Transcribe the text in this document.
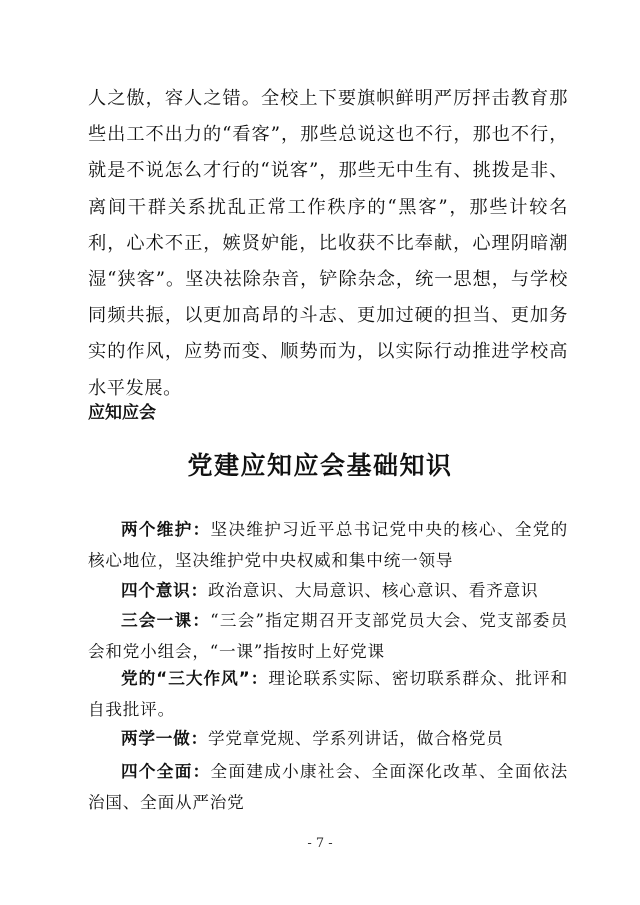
人之傲，容人之错。全校上下要旗帜鲜明严厉抨击教育那些出工不出力的“看客”，那些总说这也不行，那也不行，就是不说怎么才行的“说客”，那些无中生有、挑拨是非、离间干群关系扰乱正常工作秩序的“黑客”，那些计较名利，心术不正，嫉贤妒能，比收获不比奉献，心理阴暗潮湿“狭客”。坚决祛除杂音，铲除杂念，统一思想，与学校同频共振，以更加高昂的斗志、更加过硬的担当、更加务实的作风，应势而变、顺势而为，以实际行动推进学校高水平发展。

应知应会

党建应知应会基础知识

两个维护：坚决维护习近平总书记党中央的核心、全党的核心地位，坚决维护党中央权威和集中统一领导

四个意识：政治意识、大局意识、核心意识、看齐意识

三会一课：“三会”指定期召开支部党员大会、党支部委员会和党小组会，“一课”指按时上好党课

党的“三大作风”：理论联系实际、密切联系群众、批评和自我批评。

两学一做：学党章党规、学系列讲话，做合格党员

四个全面：全面建成小康社会、全面深化改革、全面依法治国、全面从严治党

- 7 -
